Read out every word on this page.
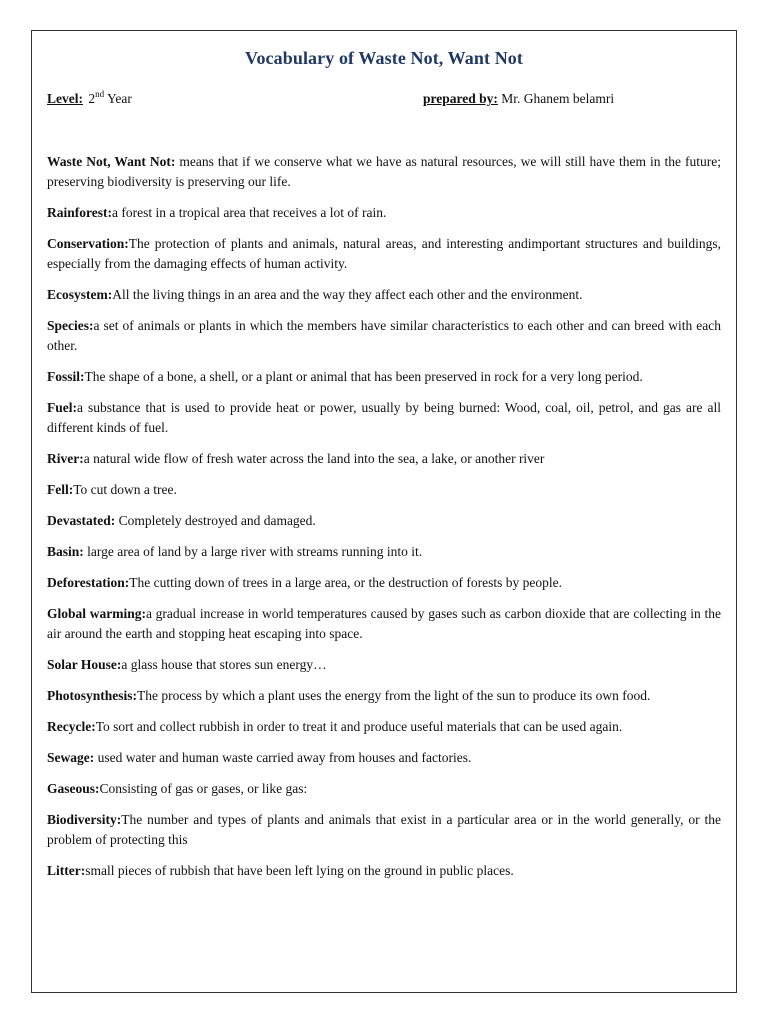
Vocabulary of Waste Not, Want Not
Level: 2nd Year	prepared by: Mr. Ghanem belamri

Waste Not, Want Not: means that if we conserve what we have as natural resources, we will still have them in the future; preserving biodiversity is preserving our life.

Rainforest:a forest in a tropical area that receives a lot of rain.

Conservation:The protection of plants and animals, natural areas, and interesting andimportant structures and buildings, especially from the damaging effects of human activity.

Ecosystem:All the living things in an area and the way they affect each other and the environment.

Species:a set of animals or plants in which the members have similar characteristics to each other and can breed with each other.

Fossil:The shape of a bone, a shell, or a plant or animal that has been preserved in rock for a very long period.

Fuel:a substance that is used to provide heat or power, usually by being burned: Wood, coal, oil, petrol, and gas are all different kinds of fuel.

River:a natural wide flow of fresh water across the land into the sea, a lake, or another river

Fell:To cut down a tree.

Devastated: Completely destroyed and damaged.

Basin: large area of land by a large river with streams running into it.

Deforestation:The cutting down of trees in a large area, or the destruction of forests by people.

Global warming:a gradual increase in world temperatures caused by gases such as carbon dioxide that are collecting in the air around the earth and stopping heat escaping into space.

Solar House:a glass house that stores sun energy…

Photosynthesis:The process by which a plant uses the energy from the light of the sun to produce its own food.

Recycle:To sort and collect rubbish in order to treat it and produce useful materials that can be used again.

Sewage: used water and human waste carried away from houses and factories.

Gaseous:Consisting of gas or gases, or like gas:

Biodiversity:The number and types of plants and animals that exist in a particular area or in the world generally, or the problem of protecting this

Litter:small pieces of rubbish that have been left lying on the ground in public places.
